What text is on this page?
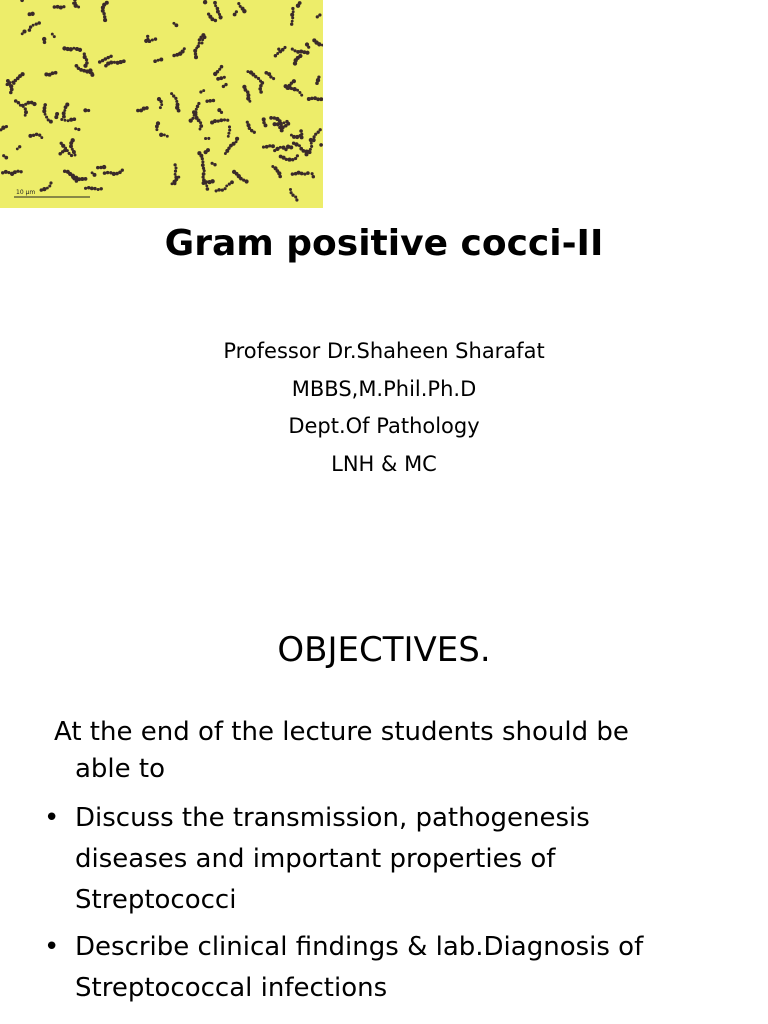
10 µm
Gram positive cocci-II
Professor Dr.Shaheen Sharafat
MBBS,M.Phil.Ph.D
Dept.Of Pathology
LNH & MC
OBJECTIVES.
At the end of the lecture students should be
able to
• Discuss the transmission, pathogenesis
diseases and important properties of
Streptococci
• Describe clinical findings & lab.Diagnosis of
Streptococcal infections
